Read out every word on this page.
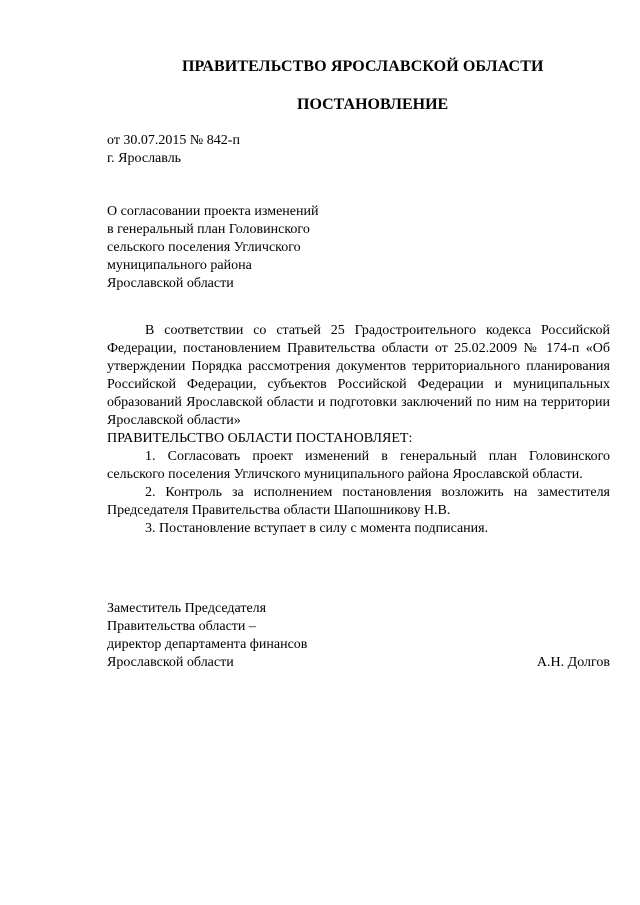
ПРАВИТЕЛЬСТВО ЯРОСЛАВСКОЙ ОБЛАСТИ
ПОСТАНОВЛЕНИЕ
от 30.07.2015 № 842-п
г. Ярославль
О согласовании проекта изменений
в генеральный план Головинского
сельского поселения Угличского
муниципального района
Ярославской области

В соответствии со статьей 25 Градостроительного кодекса Российской Федерации, постановлением Правительства области от 25.02.2009 № 174-п «Об утверждении Порядка рассмотрения документов территориального планирования Российской Федерации, субъектов Российской Федерации и муниципальных образований Ярославской области и подготовки заключений по ним на территории Ярославской области»

ПРАВИТЕЛЬСТВО ОБЛАСТИ ПОСТАНОВЛЯЕТ:

1. Согласовать проект изменений в генеральный план Головинского сельского поселения Угличского муниципального района Ярославской области.

2. Контроль за исполнением постановления возложить на заместителя Председателя Правительства области Шапошникову Н.В.

3. Постановление вступает в силу с момента подписания.

Заместитель Председателя
Правительства области –
директор департамента финансов
Ярославской области	А.Н. Долгов
